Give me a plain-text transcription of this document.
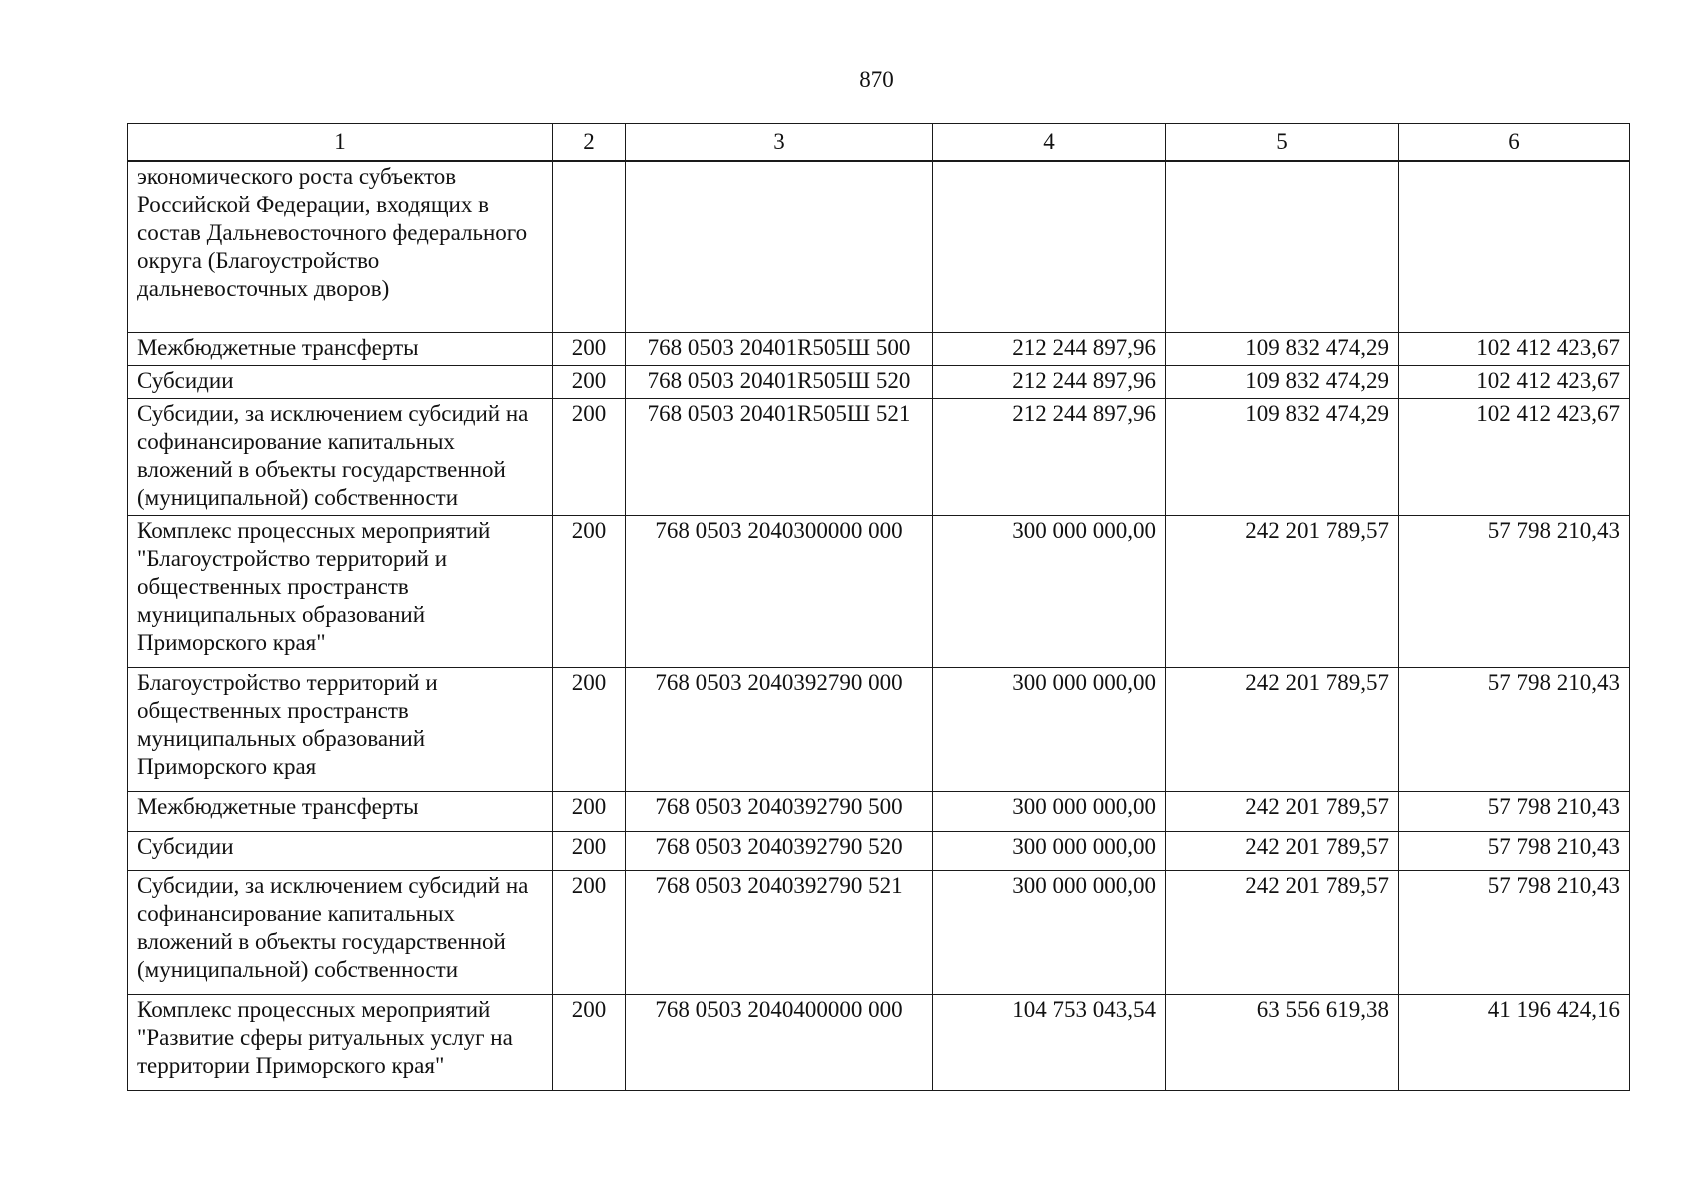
870
1	2	3	4	5	6
экономического роста субъектов Российской Федерации, входящих в состав Дальневосточного федерального округа (Благоустройство дальневосточных дворов)					
Межбюджетные трансферты	200	768 0503 20401R505Ш 500	212 244 897,96	109 832 474,29	102 412 423,67
Субсидии	200	768 0503 20401R505Ш 520	212 244 897,96	109 832 474,29	102 412 423,67
Субсидии, за исключением субсидий на софинансирование капитальных вложений в объекты государственной (муниципальной) собственности	200	768 0503 20401R505Ш 521	212 244 897,96	109 832 474,29	102 412 423,67
Комплекс процессных мероприятий "Благоустройство территорий и общественных пространств муниципальных образований Приморского края"	200	768 0503 2040300000 000	300 000 000,00	242 201 789,57	57 798 210,43
Благоустройство территорий и общественных пространств муниципальных образований Приморского края	200	768 0503 2040392790 000	300 000 000,00	242 201 789,57	57 798 210,43
Межбюджетные трансферты	200	768 0503 2040392790 500	300 000 000,00	242 201 789,57	57 798 210,43
Субсидии	200	768 0503 2040392790 520	300 000 000,00	242 201 789,57	57 798 210,43
Субсидии, за исключением субсидий на софинансирование капитальных вложений в объекты государственной (муниципальной) собственности	200	768 0503 2040392790 521	300 000 000,00	242 201 789,57	57 798 210,43
Комплекс процессных мероприятий "Развитие сферы ритуальных услуг на территории Приморского края"	200	768 0503 2040400000 000	104 753 043,54	63 556 619,38	41 196 424,16
